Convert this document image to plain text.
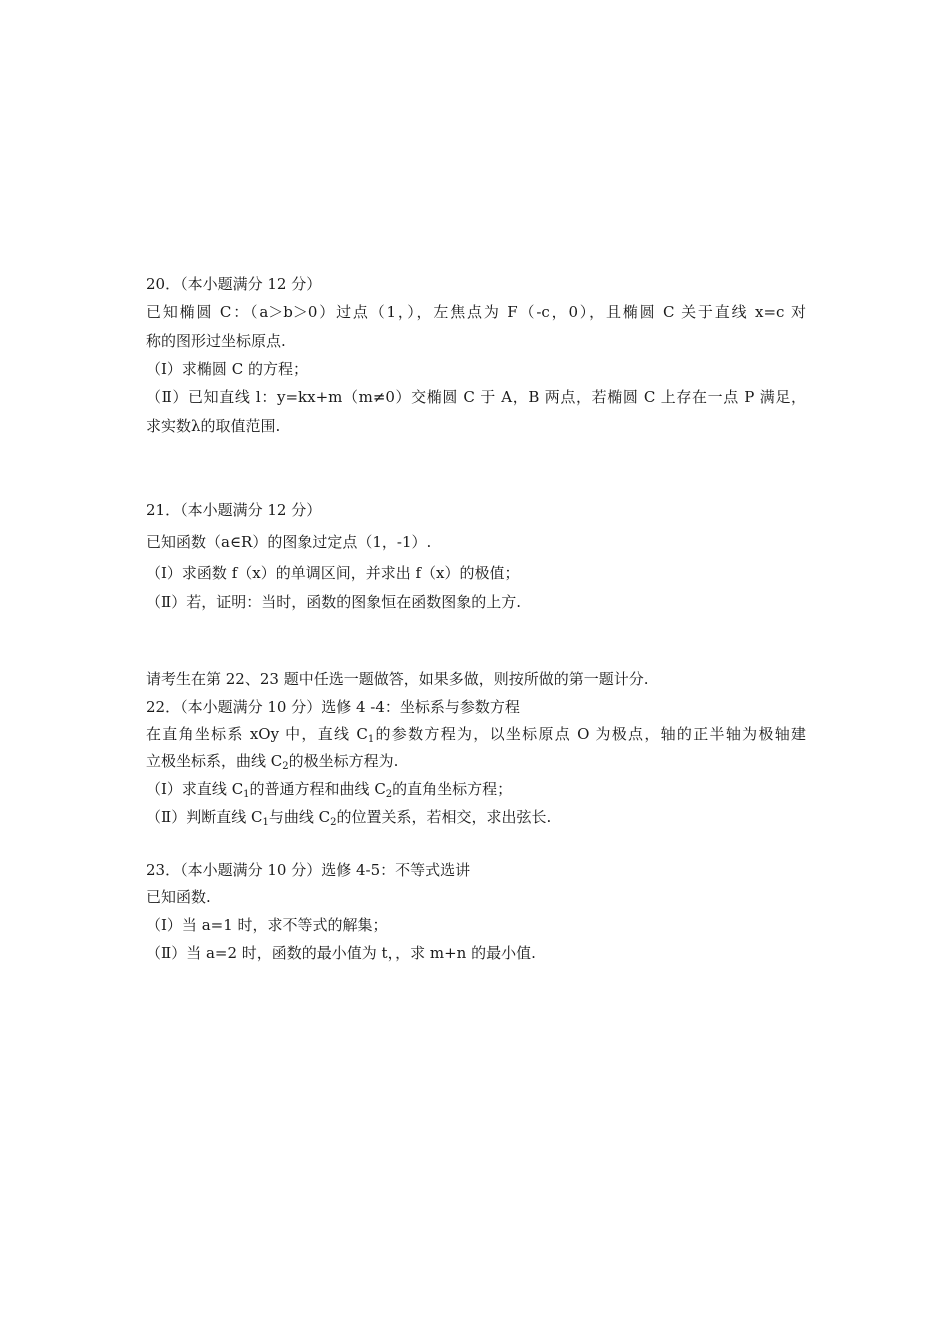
20．（本小题满分 12 分）
已知椭圆 C：（a＞b＞0）过点（1，），左焦点为 F（-c，0），且椭圆 C 关于直线 x=c 对
称的图形过坐标原点.
（I）求椭圆 C 的方程；
（Ⅱ）已知直线 l：y=kx+m（m≠0）交椭圆 C 于 A，B 两点，若椭圆 C 上存在一点 P 满足，
求实数λ的取值范围.
21．（本小题满分 12 分）
已知函数（a∈R）的图象过定点（1，-1）.
（I）求函数 f（x）的单调区间，并求出 f（x）的极值；
（Ⅱ）若，证明：当时，函数的图象恒在函数图象的上方.
请考生在第 22、23 题中任选一题做答，如果多做，则按所做的第一题计分.
22．（本小题满分 10 分）选修 4 -4：坐标系与参数方程
在直角坐标系 xOy 中，直线 $C_1$的参数方程为，以坐标原点 O 为极点，轴的正半轴为极轴建
立极坐标系，曲线 $C_2$的极坐标方程为.
（I）求直线 $C_1$的普通方程和曲线 $C_2$的直角坐标方程；
（Ⅱ）判断直线 $C_1$与曲线 $C_2$的位置关系，若相交，求出弦长.
23．（本小题满分 10 分）选修 4-5：不等式选讲
已知函数.
（I）当 a=1 时，求不等式的解集；
（Ⅱ）当 a=2 时，函数的最小值为 t，，求 m+n 的最小值.
